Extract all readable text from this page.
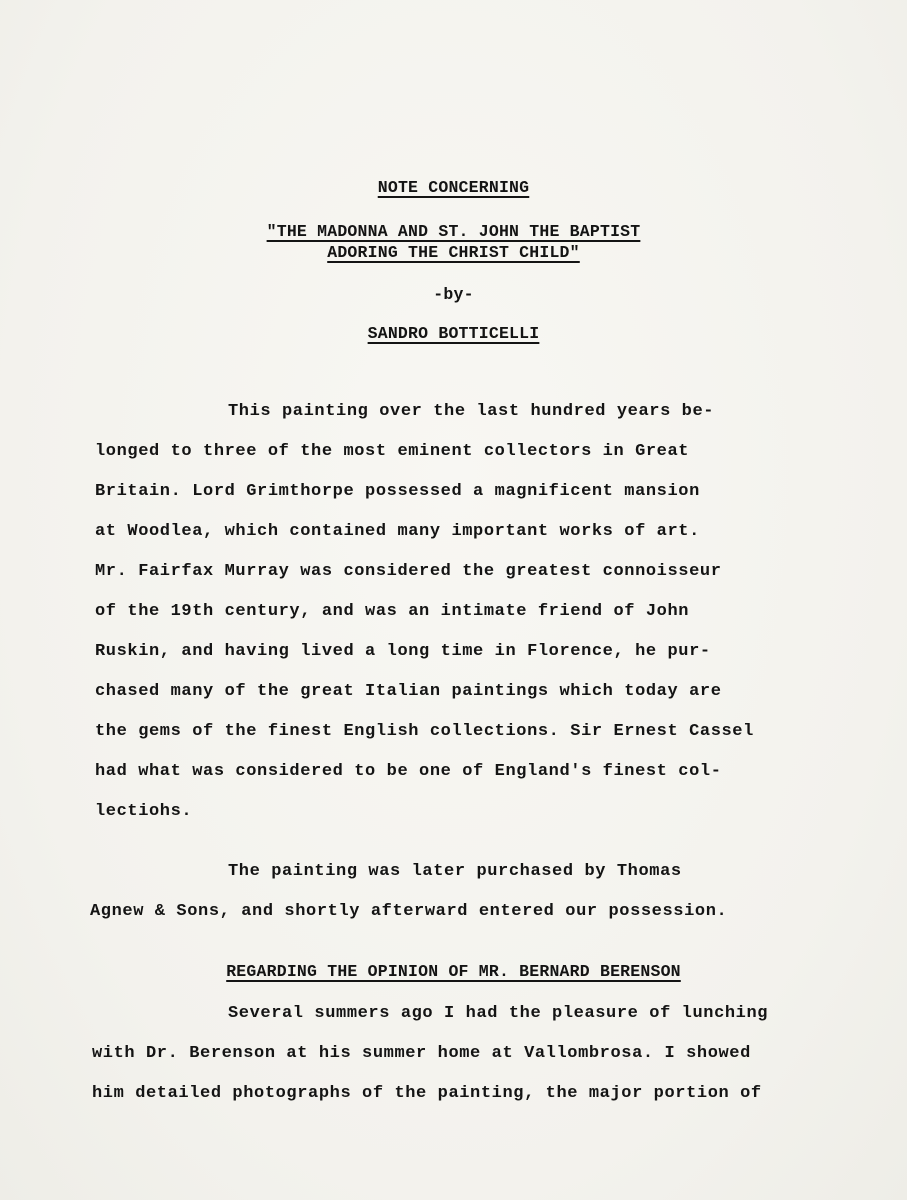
NOTE CONCERNING
"THE MADONNA AND ST. JOHN THE BAPTIST
ADORING THE CHRIST CHILD"
-by-
SANDRO BOTTICELLI
This painting over the last hundred years be-
longed to three of the most eminent collectors in Great
Britain. Lord Grimthorpe possessed a magnificent mansion
at Woodlea, which contained many important works of art.
Mr. Fairfax Murray was considered the greatest connoisseur
of the 19th century, and was an intimate friend of John
Ruskin, and having lived a long time in Florence, he pur-
chased many of the great Italian paintings which today are
the gems of the finest English collections. Sir Ernest Cassel
had what was considered to be one of England's finest col-
lectiohs.
The painting was later purchased by Thomas
Agnew & Sons, and shortly afterward entered our possession.
REGARDING THE OPINION OF MR. BERNARD BERENSON
Several summers ago I had the pleasure of lunching
with Dr. Berenson at his summer home at Vallombrosa. I showed
him detailed photographs of the painting, the major portion of
